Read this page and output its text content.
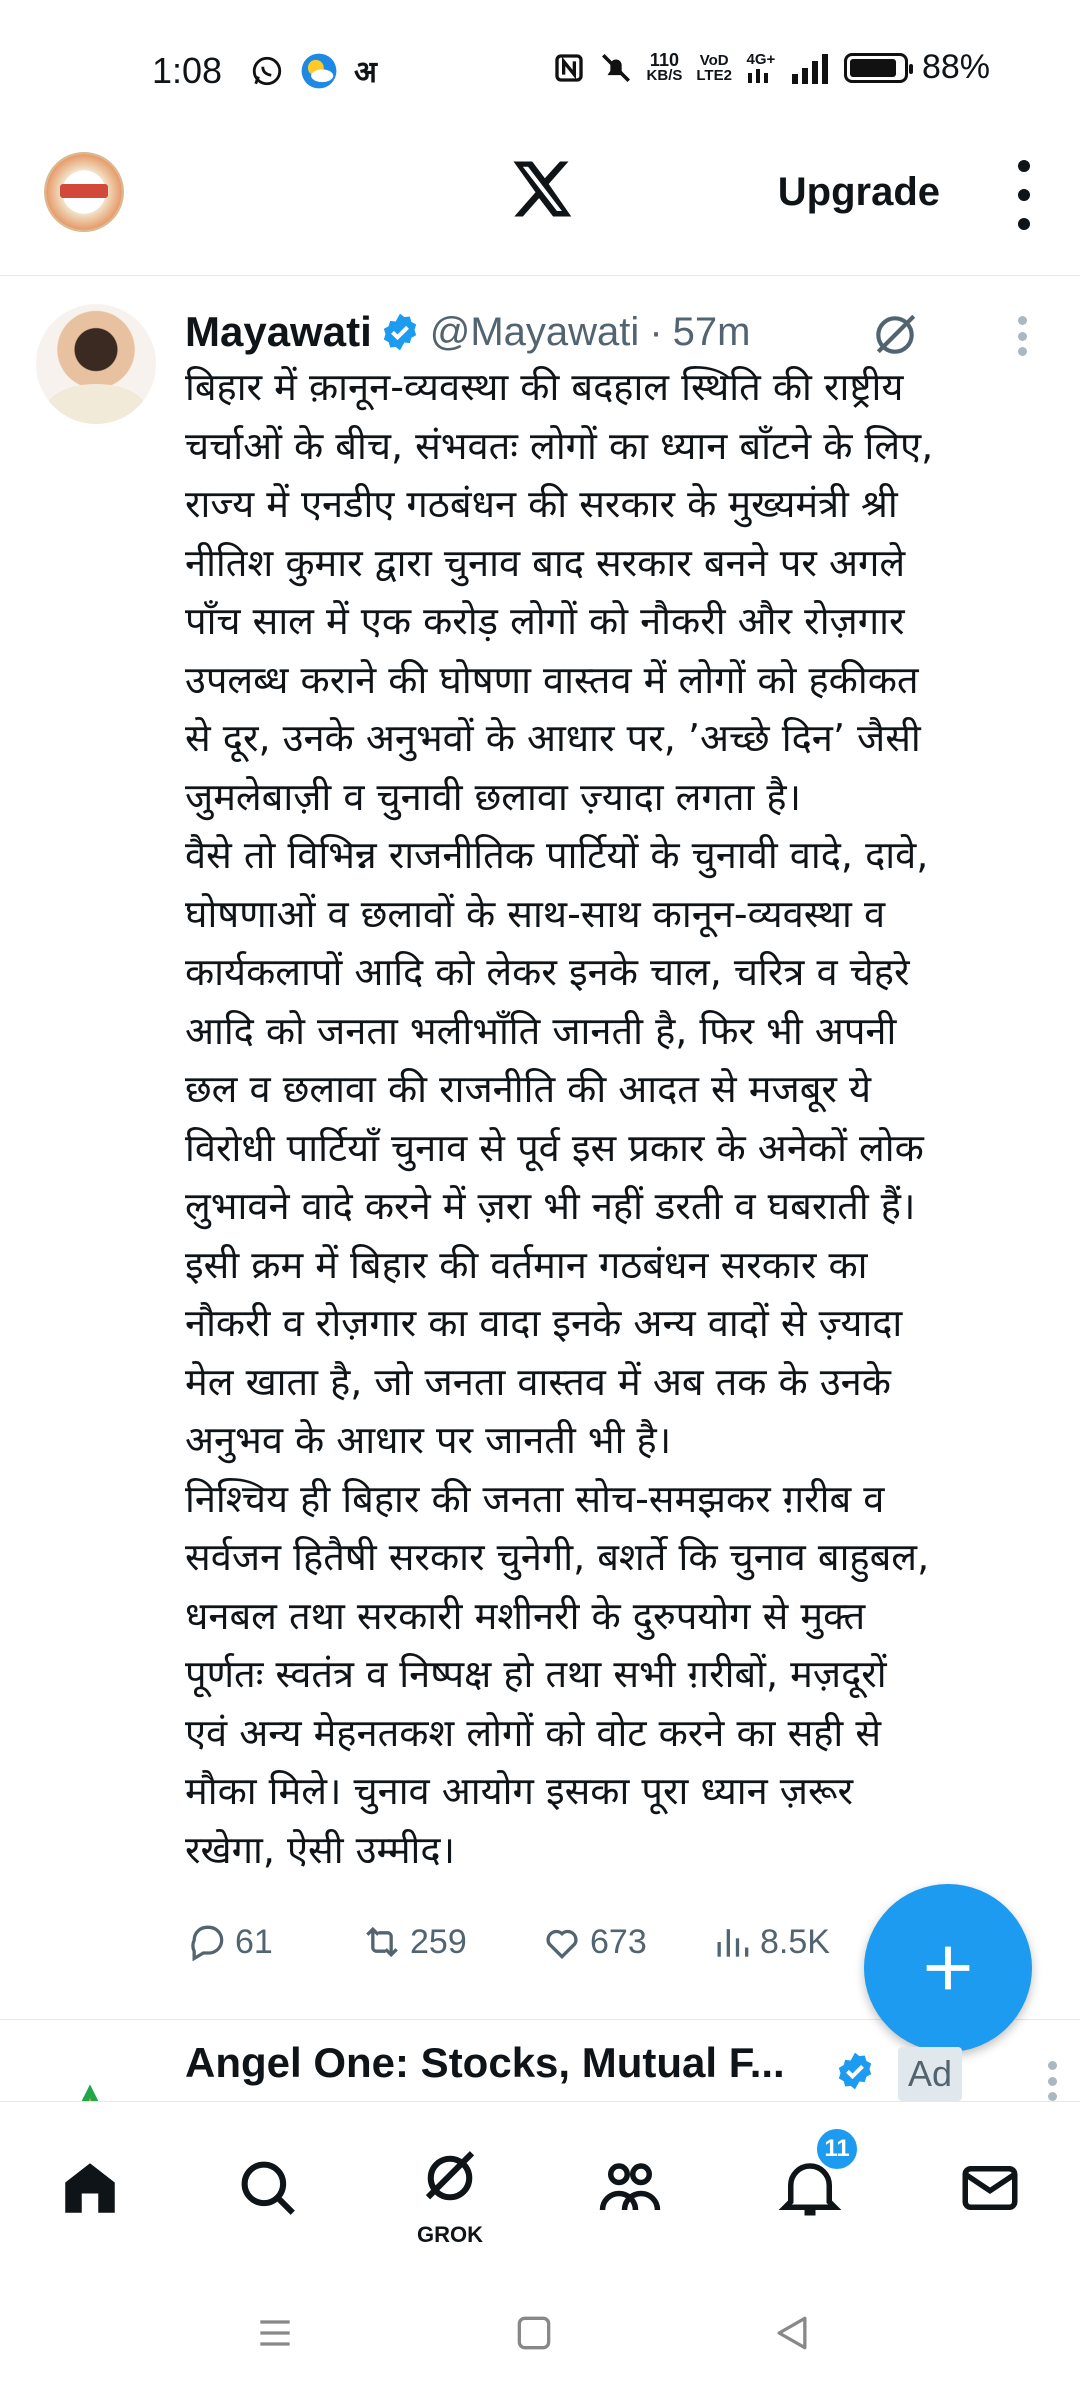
1:08	अ	110
KB/S
VoD
LTE2
4G+	88%
Upgrade
Mayawati @Mayawati · 57m

बिहार में क़ानून-व्यवस्था की बदहाल स्थिति की राष्ट्रीय

चर्चाओं के बीच, संभवतः लोगों का ध्यान बाँटने के लिए,

राज्य में एनडीए गठबंधन की सरकार के मुख्यमंत्री श्री

नीतिश कुमार द्वारा चुनाव बाद सरकार बनने पर अगले

पाँच साल में एक करोड़ लोगों को नौकरी और रोज़गार

उपलब्ध कराने की घोषणा वास्तव में लोगों को हकीकत

से दूर, उनके अनुभवों के आधार पर, ’अच्छे दिन’ जैसी

जुमलेबाज़ी व चुनावी छलावा ज़्यादा लगता है।

वैसे तो विभिन्न राजनीतिक पार्टियों के चुनावी वादे, दावे,

घोषणाओं व छलावों के साथ-साथ कानून-व्यवस्था व

कार्यकलापों आदि को लेकर इनके चाल, चरित्र व चेहरे

आदि को जनता भलीभाँति जानती है, फिर भी अपनी

छल व छलावा की राजनीति की आदत से मजबूर ये

विरोधी पार्टियाँ चुनाव से पूर्व इस प्रकार के अनेकों लोक

लुभावने वादे करने में ज़रा भी नहीं डरती व घबराती हैं।

इसी क्रम में बिहार की वर्तमान गठबंधन सरकार का

नौकरी व रोज़गार का वादा इनके अन्य वादों से ज़्यादा

मेल खाता है, जो जनता वास्तव में अब तक के उनके

अनुभव के आधार पर जानती भी है।

निश्चिय ही बिहार की जनता सोच-समझकर ग़रीब व

सर्वजन हितैषी सरकार चुनेगी, बशर्ते कि चुनाव बाहुबल,

धनबल तथा सरकारी मशीनरी के दुरुपयोग से मुक्त

पूर्णतः स्वतंत्र व निष्पक्ष हो तथा सभी ग़रीबों, मज़दूरों

एवं अन्य मेहनतकश लोगों को वोट करने का सही से

मौका मिले। चुनाव आयोग इसका पूरा ध्यान ज़रूर

रखेगा, ऐसी उम्मीद।

61	259	673	8.5K
Angel One: Stocks, Mutual F...	Ad
GROK
11
